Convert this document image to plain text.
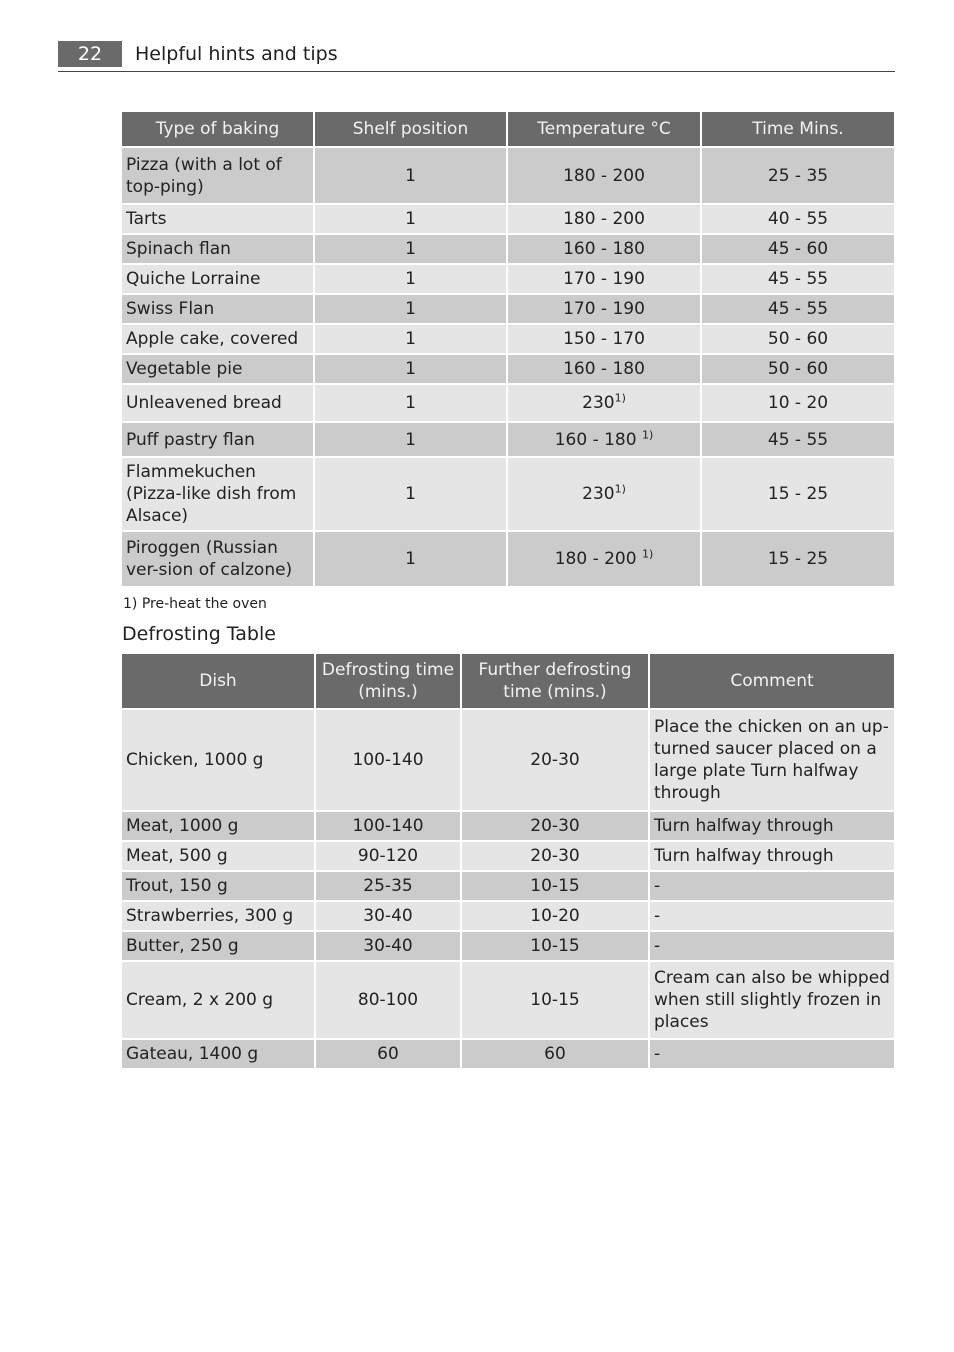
22	Helpful hints and tips
Type of baking	Shelf position	Temperature °C	Time Mins.
Pizza (with a lot of top-ping)	1	180 - 200	25 - 35
Tarts	1	180 - 200	40 - 55
Spinach flan	1	160 - 180	45 - 60
Quiche Lorraine	1	170 - 190	45 - 55
Swiss Flan	1	170 - 190	45 - 55
Apple cake, covered	1	150 - 170	50 - 60
Vegetable pie	1	160 - 180	50 - 60
Unleavened bread	1	230$^{1)}$	10 - 20
Puff pastry flan	1	160 - 180 $^{1)}$	45 - 55
Flammekuchen (Pizza-like dish from Alsace)	1	230$^{1)}$	15 - 25
Piroggen (Russian ver-sion of calzone)	1	180 - 200 $^{1)}$	15 - 25
1) Pre-heat the oven
Defrosting Table
Dish	Defrosting time (mins.)	Further defrosting time (mins.)	Comment
Chicken, 1000 g	100-140	20-30	Place the chicken on an up-turned saucer placed on a large plate Turn halfway through
Meat, 1000 g	100-140	20-30	Turn halfway through
Meat, 500 g	90-120	20-30	Turn halfway through
Trout, 150 g	25-35	10-15	-
Strawberries, 300 g	30-40	10-20	-
Butter, 250 g	30-40	10-15	-
Cream, 2 x 200 g	80-100	10-15	Cream can also be whipped when still slightly frozen in places
Gateau, 1400 g	60	60	-
